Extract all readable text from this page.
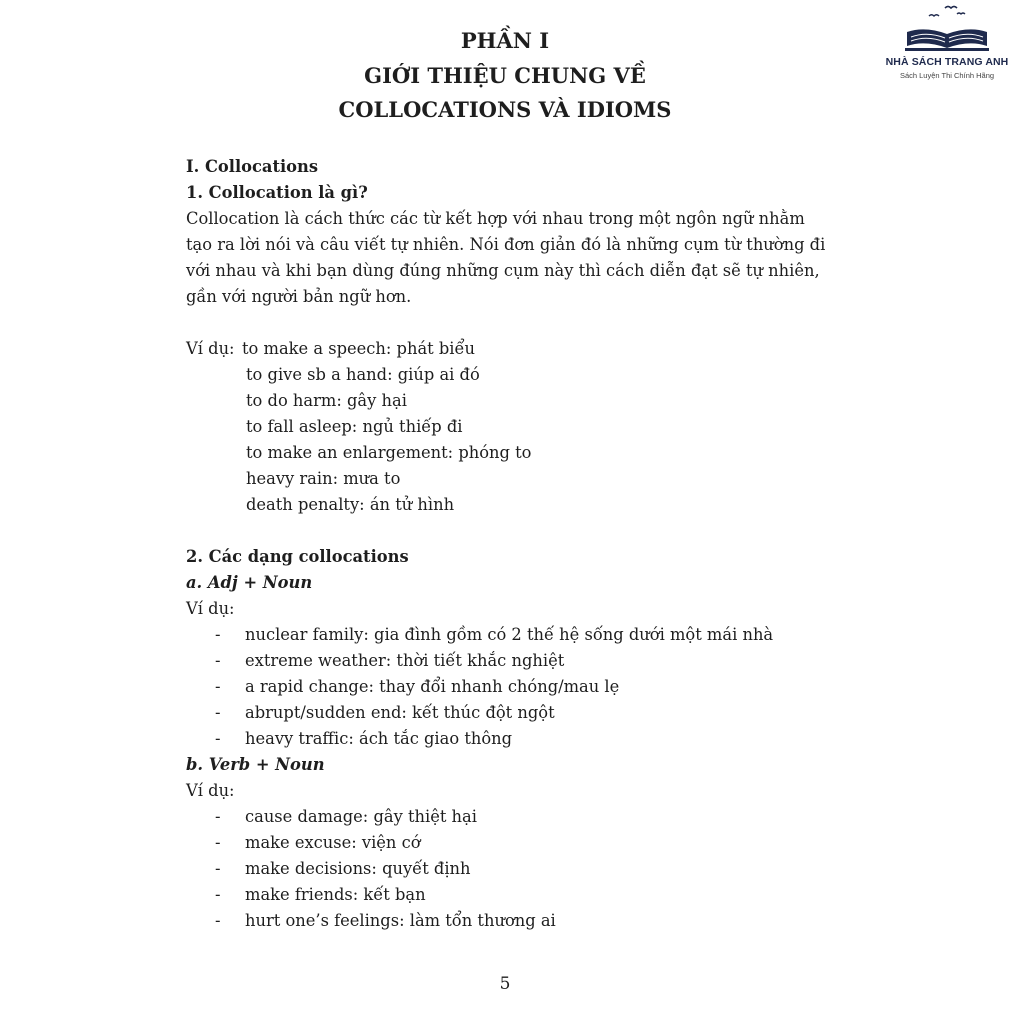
NHÀ SÁCH TRANG ANH
Sách Luyện Thi Chính Hãng
PHẦN I
GIỚI THIỆU CHUNG VỀ
COLLOCATIONS VÀ IDIOMS

I. Collocations

1. Collocation là gì?

Collocation là cách thức các từ kết hợp với nhau trong một ngôn ngữ nhằm

tạo ra lời nói và câu viết tự nhiên. Nói đơn giản đó là những cụm từ thường đi

với nhau và khi bạn dùng đúng những cụm này thì cách diễn đạt sẽ tự nhiên,

gần với người bản ngữ hơn.

Ví dụ: to make a speech: phát biểu

to give sb a hand: giúp ai đó

to do harm: gây hại

to fall asleep: ngủ thiếp đi

to make an enlargement: phóng to

heavy rain: mưa to

death penalty: án tử hình

2. Các dạng collocations

a. Adj + Noun

Ví dụ:

-	nuclear family: gia đình gồm có 2 thế hệ sống dưới một mái nhà
-	extreme weather: thời tiết khắc nghiệt
-	a rapid change: thay đổi nhanh chóng/mau lẹ
-	abrupt/sudden end: kết thúc đột ngột
-	heavy traffic: ách tắc giao thông

b. Verb + Noun

Ví dụ:

-	cause damage: gây thiệt hại
-	make excuse: viện cớ
-	make decisions: quyết định
-	make friends: kết bạn
-	hurt one’s feelings: làm tổn thương ai
5
